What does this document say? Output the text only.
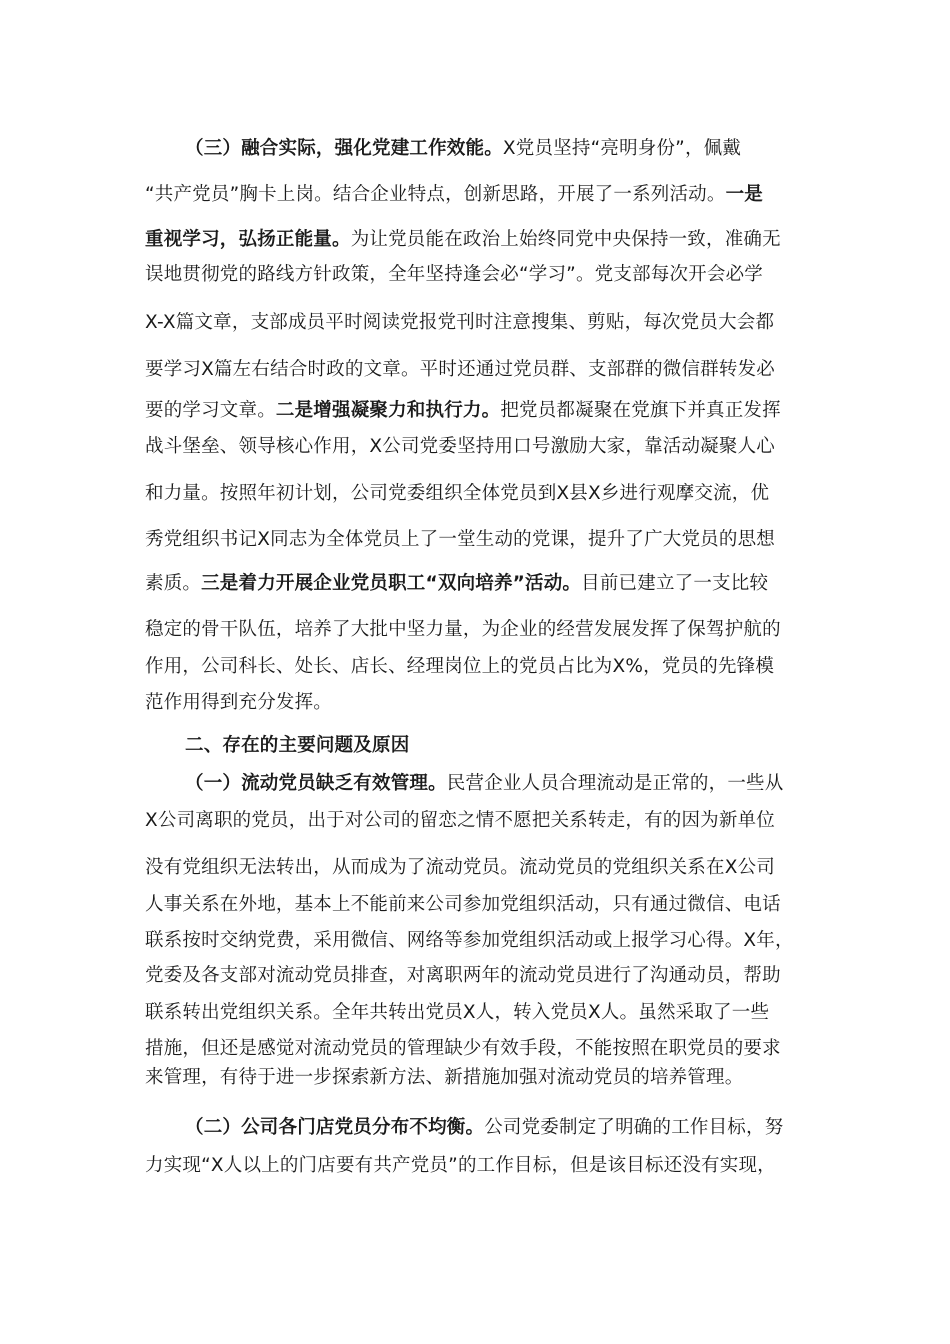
（三）融合实际，强化党建工作效能。X党员坚持“亮明身份”，佩戴
“共产党员”胸卡上岗。结合企业特点，创新思路，开展了一系列活动。一是
重视学习，弘扬正能量。为让党员能在政治上始终同党中央保持一致，准确无
误地贯彻党的路线方针政策，全年坚持逢会必“学习”。党支部每次开会必学
X-X篇文章，支部成员平时阅读党报党刊时注意搜集、剪贴，每次党员大会都
要学习X篇左右结合时政的文章。平时还通过党员群、支部群的微信群转发必
要的学习文章。二是增强凝聚力和执行力。把党员都凝聚在党旗下并真正发挥
战斗堡垒、领导核心作用，X公司党委坚持用口号激励大家，靠活动凝聚人心
和力量。按照年初计划，公司党委组织全体党员到X县X乡进行观摩交流，优
秀党组织书记X同志为全体党员上了一堂生动的党课，提升了广大党员的思想
素质。三是着力开展企业党员职工“双向培养”活动。目前已建立了一支比较
稳定的骨干队伍，培养了大批中坚力量，为企业的经营发展发挥了保驾护航的
作用，公司科长、处长、店长、经理岗位上的党员占比为X%，党员的先锋模
范作用得到充分发挥。
二、存在的主要问题及原因
（一）流动党员缺乏有效管理。民营企业人员合理流动是正常的，一些从
X公司离职的党员，出于对公司的留恋之情不愿把关系转走，有的因为新单位
没有党组织无法转出，从而成为了流动党员。流动党员的党组织关系在X公司
人事关系在外地，基本上不能前来公司参加党组织活动，只有通过微信、电话
联系按时交纳党费，采用微信、网络等参加党组织活动或上报学习心得。X年，
党委及各支部对流动党员排查，对离职两年的流动党员进行了沟通动员，帮助
联系转出党组织关系。全年共转出党员X人，转入党员X人。虽然采取了一些
措施，但还是感觉对流动党员的管理缺少有效手段，不能按照在职党员的要求
来管理，有待于进一步探索新方法、新措施加强对流动党员的培养管理。
（二）公司各门店党员分布不均衡。公司党委制定了明确的工作目标，努
力实现“X人以上的门店要有共产党员”的工作目标，但是该目标还没有实现，
